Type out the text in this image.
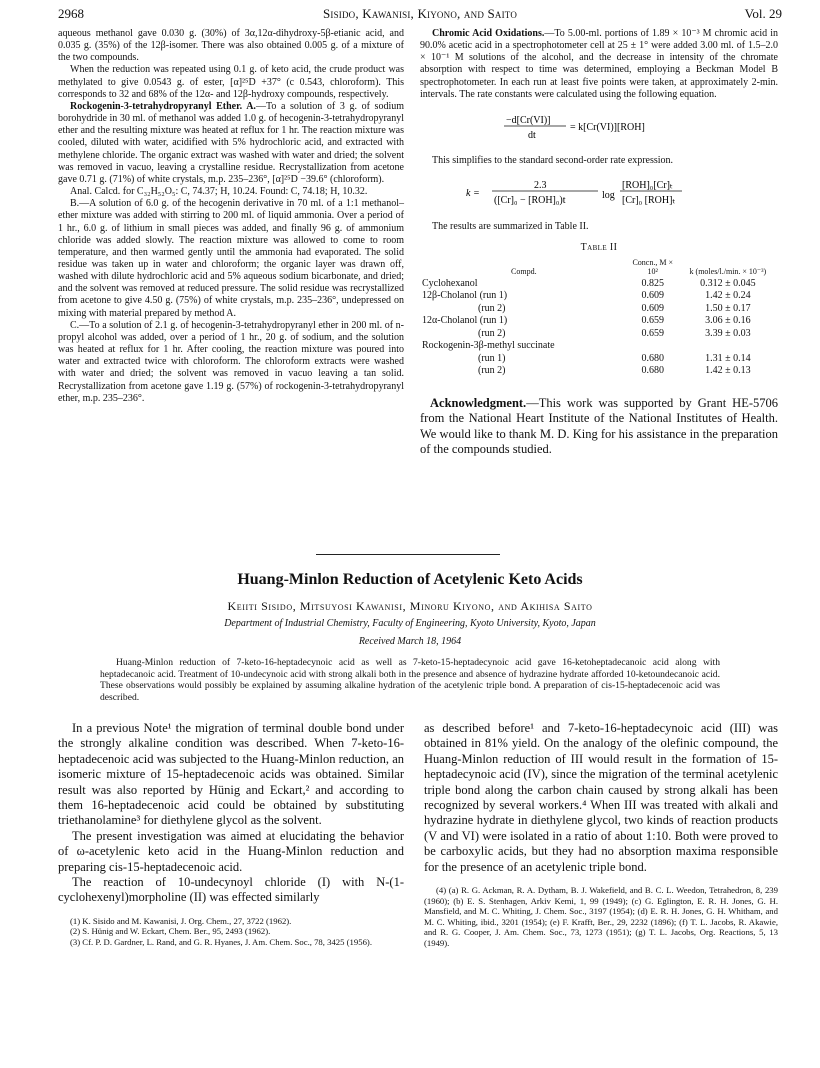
2968	Sisido, Kawanisi, Kiyono, and Saito	Vol. 29

aqueous methanol gave 0.030 g. (30%) of 3α,12α-dihydroxy-5β-etianic acid, and 0.035 g. (35%) of the 12β-isomer. There was also obtained 0.005 g. of a mixture of the two compounds.

When the reduction was repeated using 0.1 g. of keto acid, the crude product was methylated to give 0.0543 g. of ester, [α]²⁵D +37° (c 0.543, chloroform). This corresponds to 32 and 68% of the 12α- and 12β-hydroxy compounds, respectively.

Rockogenin-3-tetrahydropyranyl Ether. A.—To a solution of 3 g. of sodium borohydride in 30 ml. of methanol was added 1.0 g. of hecogenin-3-tetrahydropyranyl ether and the resulting mixture was heated at reflux for 1 hr. The reaction mixture was cooled, diluted with water, acidified with 5% hydrochloric acid, and extracted with methylene chloride. The organic extract was washed with water and dried; the solvent was removed in vacuo, leaving a crystalline residue. Recrystallization from acetone gave 0.71 g. (71%) of white crystals, m.p. 235–236°, [α]²⁵D −39.6° (chloroform).

Anal. Calcd. for C₃₂H₅₂O₅: C, 74.37; H, 10.24. Found: C, 74.18; H, 10.32.

B.—A solution of 6.0 g. of the hecogenin derivative in 70 ml. of a 1:1 methanol–ether mixture was added with stirring to 200 ml. of liquid ammonia. Over a period of 1 hr., 6.0 g. of lithium in small pieces was added, and finally 96 g. of ammonium chloride was added slowly. The reaction mixture was allowed to come to room temperature, and then warmed gently until the ammonia had evaporated. The solid residue was taken up in water and chloroform; the organic layer was drawn off, washed with dilute hydrochloric acid and 5% aqueous sodium bicarbonate, and dried; and the solvent was removed at reduced pressure. The solid residue was recrystallized from acetone to give 4.50 g. (75%) of white crystals, m.p. 235–236°, undepressed on mixing with material prepared by method A.

C.—To a solution of 2.1 g. of hecogenin-3-tetrahydropyranyl ether in 200 ml. of n-propyl alcohol was added, over a period of 1 hr., 20 g. of sodium, and the solution was heated at reflux for 1 hr. After cooling, the reaction mixture was poured into water and extracted twice with chloroform. The chloroform extracts were washed with water and dried; the solvent was removed in vacuo leaving a tan solid. Recrystallization from acetone gave 1.19 g. (57%) of rockogenin-3-tetrahydropyranyl ether, m.p. 235–236°.

Chromic Acid Oxidations.—To 5.00-ml. portions of 1.89 × 10⁻³ M chromic acid in 90.0% acetic acid in a spectrophotometer cell at 25 ± 1° were added 3.00 ml. of 1.5–2.0 × 10⁻¹ M solutions of the alcohol, and the decrease in intensity of the chromate absorption with respect to time was determined, employing a Beckman Model B spectrophotometer. In each run at least five points were taken, at approximately 2-min. intervals. The rate constants were calculated using the following equation.

−d[Cr(VI)]
dt
= k[Cr(VI)][ROH]

This simplifies to the standard second-order rate expression.

k =
2.3
([Cr]₀ − [ROH]₀)t	log
[ROH]₀[Cr]ₜ
[Cr]₀ [ROH]ₜ

The results are summarized in Table II.

Table II
Compd.	Concn., M × 10²	k (moles/l./min. × 10⁻³)
Cyclohexanol	0.825	0.312 ± 0.045
12β-Cholanol (run 1)	0.609	1.42 ± 0.24
(run 2)	0.609	1.50 ± 0.17
12α-Cholanol (run 1)	0.659	3.06 ± 0.16
(run 2)	0.659	3.39 ± 0.03
Rockogenin-3β-methyl succinate		
(run 1)	0.680	1.31 ± 0.14
(run 2)	0.680	1.42 ± 0.13
Acknowledgment.—This work was supported by Grant HE-5706 from the National Heart Institute of the National Institutes of Health. We would like to thank M. D. King for his assistance in the preparation of the compounds studied.
Huang-Minlon Reduction of Acetylenic Keto Acids
Keiiti Sisido, Mitsuyosi Kawanisi, Minoru Kiyono, and Akihisa Saito
Department of Industrial Chemistry, Faculty of Engineering, Kyoto University, Kyoto, Japan
Received March 18, 1964
Huang-Minlon reduction of 7-keto-16-heptadecynoic acid as well as 7-keto-15-heptadecynoic acid gave 16-ketoheptadecanoic acid along with heptadecanoic acid. Treatment of 10-undecynoic acid with strong alkali both in the presence and absence of hydrazine hydrate afforded 10-ketoundecanoic acid. These observations would possibly be explained by assuming alkaline hydration of the acetylenic triple bond. A preparation of cis-15-heptadecenoic acid was described.

In a previous Note¹ the migration of terminal double bond under the strongly alkaline condition was described. When 7-keto-16-heptadecenoic acid was subjected to the Huang-Minlon reduction, an isomeric mixture of 15-heptadecenoic acids was obtained. Similar result was also reported by Hünig and Eckart,² and according to them 16-heptadecenoic acid could be obtained by substituting triethanolamine³ for diethylene glycol as the solvent.

The present investigation was aimed at elucidating the behavior of ω-acetylenic keto acid in the Huang-Minlon reduction and preparing cis-15-heptadecenoic acid.

The reaction of 10-undecynoyl chloride (I) with N-(1-cyclohexenyl)morpholine (II) was effected similarly

(1) K. Sisido and M. Kawanisi, J. Org. Chem., 27, 3722 (1962).

(2) S. Hünig and W. Eckart, Chem. Ber., 95, 2493 (1962).

(3) Cf. P. D. Gardner, L. Rand, and G. R. Hyanes, J. Am. Chem. Soc., 78, 3425 (1956).

as described before¹ and 7-keto-16-heptadecynoic acid (III) was obtained in 81% yield. On the analogy of the olefinic compound, the Huang-Minlon reduction of III would result in the formation of 15-heptadecynoic acid (IV), since the migration of the terminal acetylenic triple bond along the carbon chain caused by strong alkali has been recognized by several workers.⁴ When III was treated with alkali and hydrazine hydrate in diethylene glycol, two kinds of reaction products (V and VI) were isolated in a ratio of about 1:10. Both were proved to be carboxylic acids, but they had no absorption maxima responsible for the presence of an acetylenic triple bond.

(4) (a) R. G. Ackman, R. A. Dytham, B. J. Wakefield, and B. C. L. Weedon, Tetrahedron, 8, 239 (1960); (b) E. S. Stenhagen, Arkiv Kemi, 1, 99 (1949); (c) G. Eglington, E. R. H. Jones, G. H. Mansfield, and M. C. Whiting, J. Chem. Soc., 3197 (1954); (d) E. R. H. Jones, G. H. Whitham, and M. C. Whiting, ibid., 3201 (1954); (e) F. Krafft, Ber., 29, 2232 (1896); (f) T. L. Jacobs, R. Akawie, and R. G. Cooper, J. Am. Chem. Soc., 73, 1273 (1951); (g) T. L. Jacobs, Org. Reactions, 5, 13 (1949).
